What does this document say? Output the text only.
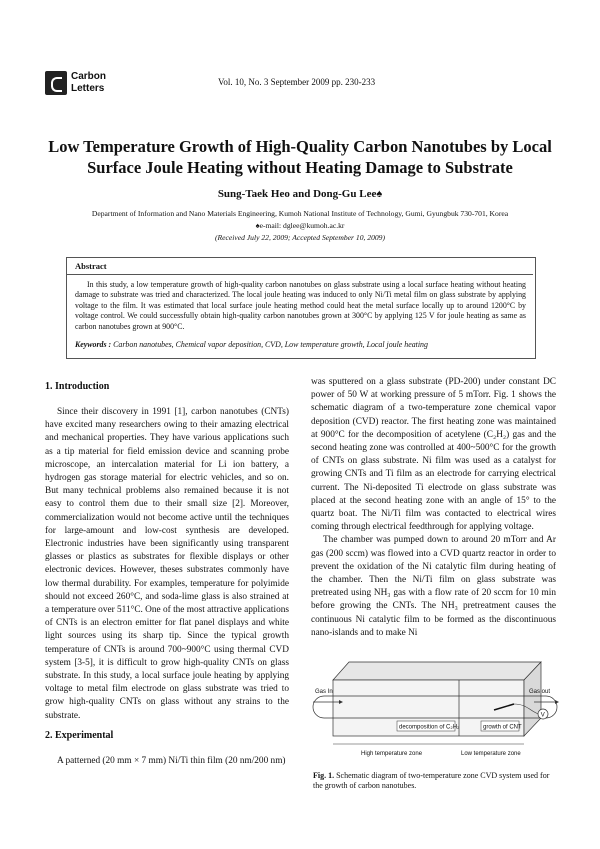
Carbon
Letters
Vol. 10, No. 3 September 2009 pp. 230-233
Low Temperature Growth of High-Quality Carbon Nanotubes by Local
Surface Joule Heating without Heating Damage to Substrate
Sung-Taek Heo and Dong-Gu Lee♠
Department of Information and Nano Materials Engineering, Kumoh National Institute of Technology, Gumi, Gyungbuk 730-701, Korea
♠e-mail: dglee@kumoh.ac.kr
(Received July 22, 2009; Accepted September 10, 2009)
Abstract
In this study, a low temperature growth of high-quality carbon nanotubes on glass substrate using a local surface heating without heating damage to substrate was tried and characterized. The local joule heating was induced to only Ni/Ti metal film on glass substrate by applying voltage to the film. It was estimated that local surface joule heating method could heat the metal surface locally up to around 1200°C by voltage control. We could successfully obtain high-quality carbon nanotubes grown at 300°C by applying 125 V for joule heating as same as carbon nanotubes grown at 900°C.
Keywords : Carbon nanotubes, Chemical vapor deposition, CVD, Low temperature growth, Local joule heating
1. Introduction

Since their discovery in 1991 [1], carbon nanotubes (CNTs) have excited many researchers owing to their amazing electrical and mechanical properties. They have various applications such as a tip material for field emission device and scanning probe microscope, an intercalation material for Li ion battery, a hydrogen gas storage material for electric vehicles, and so on. But many technical problems also remained because it is not easy to control them due to their small size [2]. Moreover, commercialization would not become active until the techniques for large-amount and low-cost synthesis are developed. Electronic industries have been significantly using transparent glasses or plastics as substrates for flexible displays or other electronic devices. However, theses substrates commonly have low thermal durability. For examples, temperature for polyimide should not exceed 260°C, and soda-lime glass is also strained at a temperature over 511°C. One of the most attractive applications of CNTs is an electron emitter for flat panel displays and white light sources using its sharp tip. Since the typical growth temperature of CNTs is around 700~900°C using thermal CVD system [3-5], it is difficult to grow high-quality CNTs on glass substrate. In this study, a local surface joule heating by applying voltage to metal film electrode on glass substrate was tried to grow high-quality CNTs on glass without any strains to the substrate.

2. Experimental

A patterned (20 mm × 7 mm) Ni/Ti thin film (20 nm/200 nm)

was sputtered on a glass substrate (PD-200) under constant DC power of 50 W at working pressure of 5 mTorr. Fig. 1 shows the schematic diagram of a two-temperature zone chemical vapor deposition (CVD) reactor. The first heating zone was maintained at 900°C for the decomposition of acetylene (C₂H₂) gas and the second heating zone was controlled at 400~500°C for the growth of CNTs on glass substrate. Ni film was used as a catalyst for growing CNTs and Ti film as an electrode for carrying electrical current. The Ni-deposited Ti electrode on glass substrate was placed at the second heating zone with an angle of 15° to the quartz boat. The Ni/Ti film was contacted to electrical wires coming through electrical feedthrough for applying voltage.

The chamber was pumped down to around 20 mTorr and Ar gas (200 sccm) was flowed into a CVD quartz reactor in order to prevent the oxidation of the Ni catalytic film during heating of the chamber. Then the Ni/Ti film on glass substrate was pretreated using NH₃ gas with a flow rate of 20 sccm for 10 min before growing the CNTs. The NH₃ pretreatment causes the continuous Ni catalytic film to be formed as the discontinuous nano-islands and to make Ni

V
Gas In	Gas out
decomposition of C₂H₂	growth of CNT
High temperature zone	Low temperature zone
Fig. 1. Schematic diagram of two-temperature zone CVD system used for the growth of carbon nanotubes.
